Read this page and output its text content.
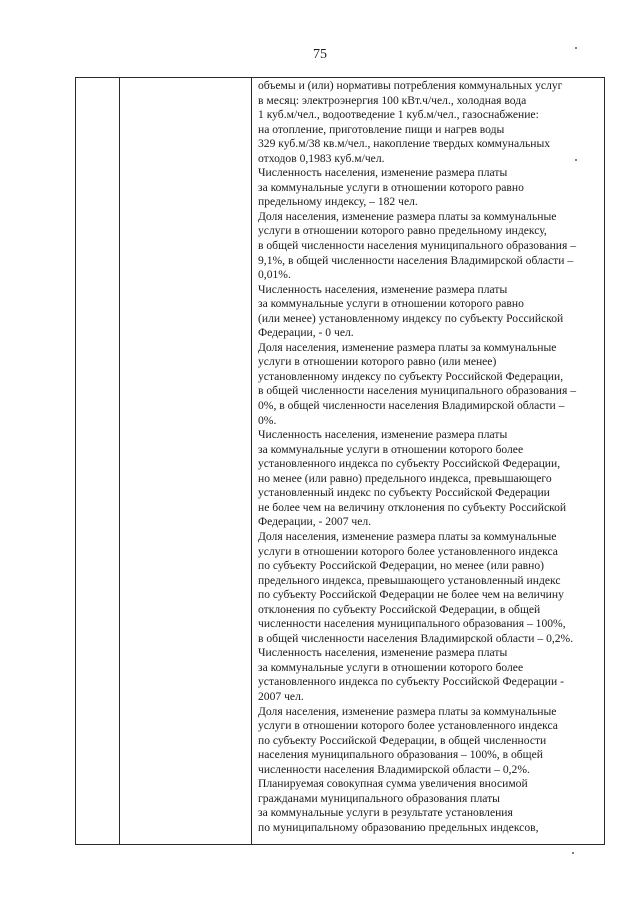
75

объемы и (или) нормативы потребления коммунальных услуг
в месяц: электроэнергия 100 кВт.ч/чел., холодная вода
1 куб.м/чел., водоотведение 1 куб.м/чел., газоснабжение:
на отопление, приготовление пищи и нагрев воды
329 куб.м/38 кв.м/чел., накопление твердых коммунальных
отходов 0,1983 куб.м/чел.
Численность населения, изменение размера платы
за коммунальные услуги в отношении которого равно
предельному индексу, – 182 чел.
Доля населения, изменение размера платы за коммунальные
услуги в отношении которого равно предельному индексу,
в общей численности населения муниципального образования –
9,1%, в общей численности населения Владимирской области –
0,01%.
Численность населения, изменение размера платы
за коммунальные услуги в отношении которого равно
(или менее) установленному индексу по субъекту Российской
Федерации, - 0 чел.
Доля населения, изменение размера платы за коммунальные
услуги в отношении которого равно (или менее)
установленному индексу по субъекту Российской Федерации,
в общей численности населения муниципального образования –
0%, в общей численности населения Владимирской области –
0%.
Численность населения, изменение размера платы
за коммунальные услуги в отношении которого более
установленного индекса по субъекту Российской Федерации,
но менее (или равно) предельного индекса, превышающего
установленный индекс по субъекту Российской Федерации
не более чем на величину отклонения по субъекту Российской
Федерации, - 2007 чел.
Доля населения, изменение размера платы за коммунальные
услуги в отношении которого более установленного индекса
по субъекту Российской Федерации, но менее (или равно)
предельного индекса, превышающего установленный индекс
по субъекту Российской Федерации не более чем на величину
отклонения по субъекту Российской Федерации, в общей
численности населения муниципального образования – 100%,
в общей численности населения Владимирской области – 0,2%.
Численность населения, изменение размера платы
за коммунальные услуги в отношении которого более
установленного индекса по субъекту Российской Федерации -
2007 чел.
Доля населения, изменение размера платы за коммунальные
услуги в отношении которого более установленного индекса
по субъекту Российской Федерации, в общей численности
населения муниципального образования – 100%, в общей
численности населения Владимирской области – 0,2%.
Планируемая совокупная сумма увеличения вносимой
гражданами муниципального образования платы
за коммунальные услуги в результате установления
по муниципальному образованию предельных индексов,
